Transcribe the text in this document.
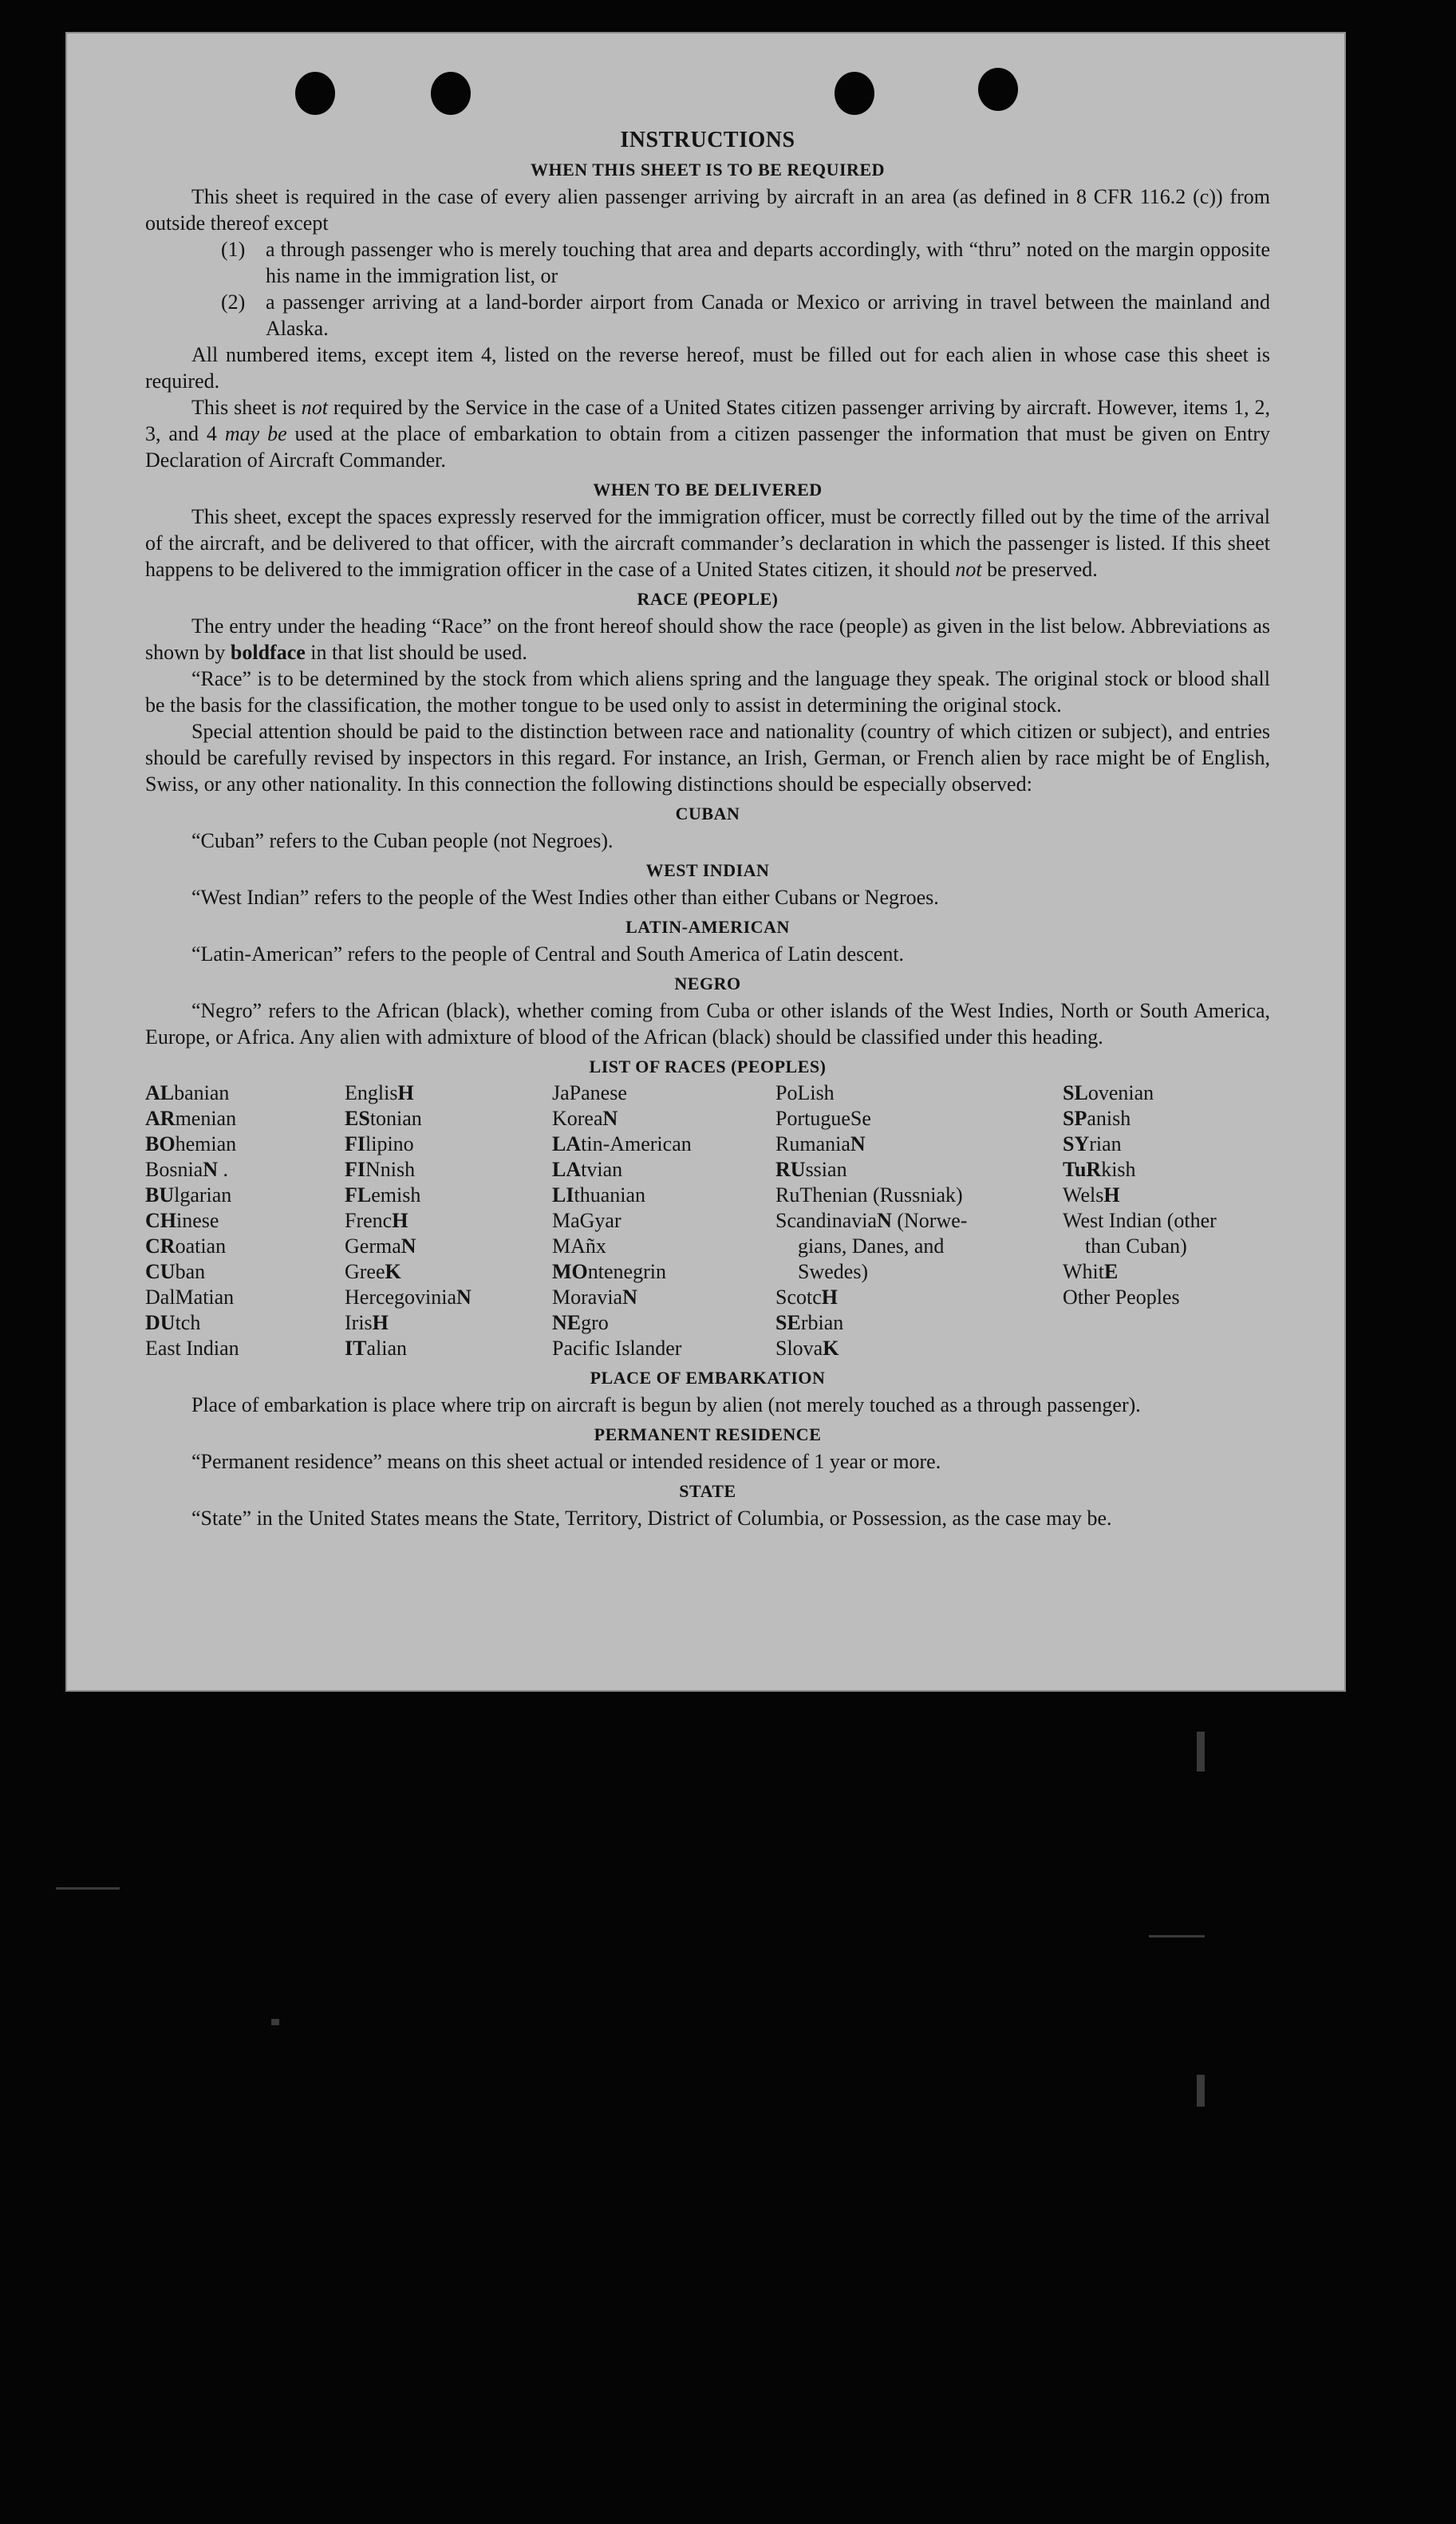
INSTRUCTIONS
WHEN THIS SHEET IS TO BE REQUIRED

This sheet is required in the case of every alien passenger arriving by aircraft in an area (as defined in 8 CFR 116.2 (c)) from outside thereof except

(1) a through passenger who is merely touching that area and departs accordingly, with “thru” noted on the margin opposite his name in the immigration list, or
(2) a passenger arriving at a land-border airport from Canada or Mexico or arriving in travel between the mainland and Alaska.

All numbered items, except item 4, listed on the reverse hereof, must be filled out for each alien in whose case this sheet is required.

This sheet is not required by the Service in the case of a United States citizen passenger arriving by aircraft. However, items 1, 2, 3, and 4 may be used at the place of embarkation to obtain from a citizen passenger the information that must be given on Entry Declaration of Aircraft Commander.

WHEN TO BE DELIVERED

This sheet, except the spaces expressly reserved for the immigration officer, must be correctly filled out by the time of the arrival of the aircraft, and be delivered to that officer, with the aircraft commander’s declaration in which the passenger is listed. If this sheet happens to be delivered to the immigration officer in the case of a United States citizen, it should not be preserved.

RACE (PEOPLE)

The entry under the heading “Race” on the front hereof should show the race (people) as given in the list below. Abbreviations as shown by boldface in that list should be used.

“Race” is to be determined by the stock from which aliens spring and the language they speak. The original stock or blood shall be the basis for the classification, the mother tongue to be used only to assist in determining the original stock.

Special attention should be paid to the distinction between race and nationality (country of which citizen or subject), and entries should be carefully revised by inspectors in this regard. For instance, an Irish, German, or French alien by race might be of English, Swiss, or any other nationality. In this connection the following distinctions should be especially observed:

CUBAN

“Cuban” refers to the Cuban people (not Negroes).

WEST INDIAN

“West Indian” refers to the people of the West Indies other than either Cubans or Negroes.

LATIN-AMERICAN

“Latin-American” refers to the people of Central and South America of Latin descent.

NEGRO

“Negro” refers to the African (black), whether coming from Cuba or other islands of the West Indies, North or South America, Europe, or Africa. Any alien with admixture of blood of the African (black) should be classified under this heading.

LIST OF RACES (PEOPLES)
ALbanian
ARmenian
BOhemian
BosniaN .
BUlgarian
CHinese
CRoatian
CUban
DalMatian
DUtch
East Indian
EnglisH
EStonian
FIlipino
FINnish
FLemish
FrencH
GermaN
GreeK
HercegoviniaN
IrisH
ITalian
JaPanese
KoreaN
LAtin-American
LAtvian
LIthuanian
MaGyar
MAñx
MOntenegrin
MoraviaN
NEgro
Pacific Islander
PoLish
PortugueSe
RumaniaN
RUssian
RuThenian (Russniak)
ScandinaviaN (Norwe-
gians, Danes, and
Swedes)
ScotcH
SErbian
SlovaK
SLovenian
SPanish
SYrian
TuRkish
WelsH
West Indian (other
than Cuban)
WhitE
Other Peoples
PLACE OF EMBARKATION

Place of embarkation is place where trip on aircraft is begun by alien (not merely touched as a through passenger).

PERMANENT RESIDENCE

“Permanent residence” means on this sheet actual or intended residence of 1 year or more.

STATE

“State” in the United States means the State, Territory, District of Columbia, or Possession, as the case may be.
